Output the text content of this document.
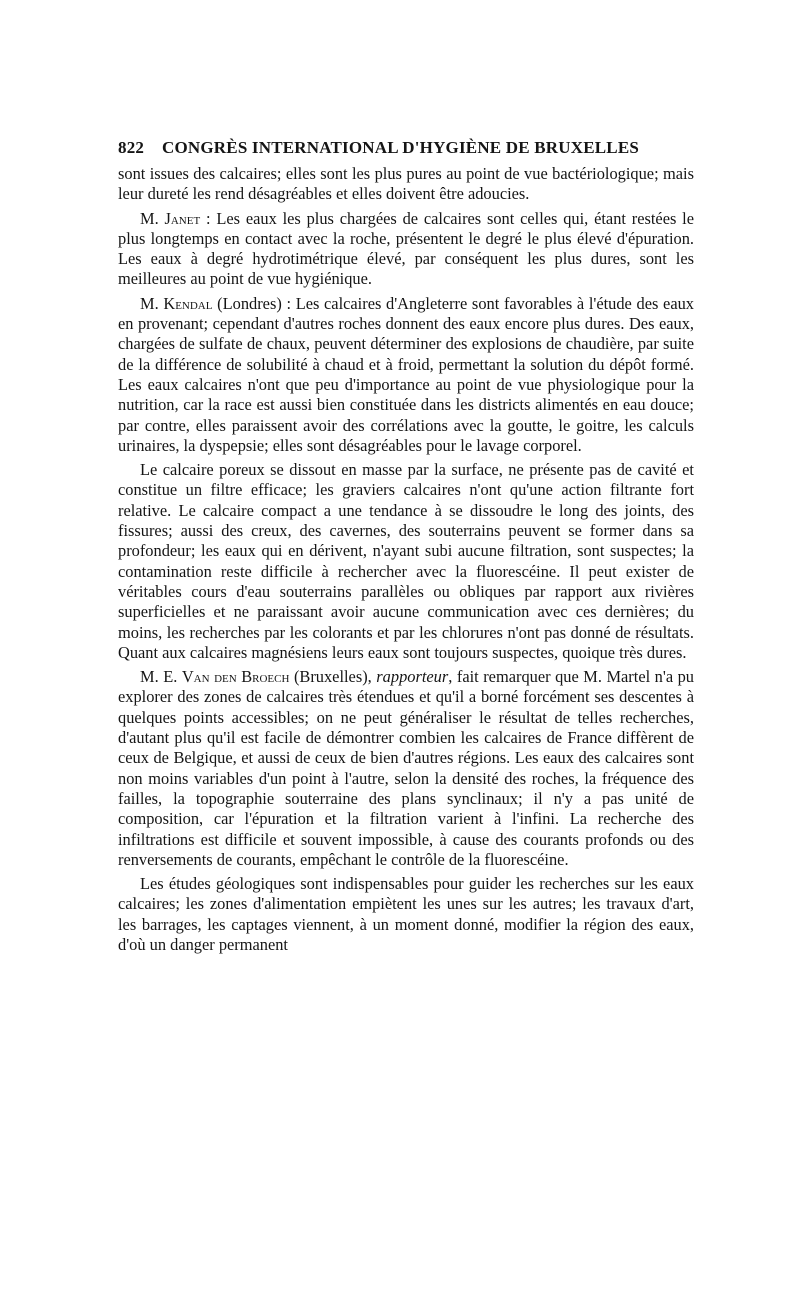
822	CONGRÈS INTERNATIONAL D'HYGIÈNE DE BRUXELLES

sont issues des calcaires; elles sont les plus pures au point de vue bactériologique; mais leur dureté les rend désagréables et elles doivent être adoucies.

M. Janet : Les eaux les plus chargées de calcaires sont celles qui, étant restées le plus longtemps en contact avec la roche, présentent le degré le plus élevé d'épuration. Les eaux à degré hydrotimétrique élevé, par conséquent les plus dures, sont les meilleures au point de vue hygiénique.

M. Kendal (Londres) : Les calcaires d'Angleterre sont favorables à l'étude des eaux en provenant; cependant d'autres roches donnent des eaux encore plus dures. Des eaux, chargées de sulfate de chaux, peuvent déterminer des explosions de chaudière, par suite de la différence de solubilité à chaud et à froid, permettant la solution du dépôt formé. Les eaux calcaires n'ont que peu d'importance au point de vue physiologique pour la nutrition, car la race est aussi bien constituée dans les districts alimentés en eau douce; par contre, elles paraissent avoir des corrélations avec la goutte, le goitre, les calculs urinaires, la dyspepsie; elles sont désagréables pour le lavage corporel.

Le calcaire poreux se dissout en masse par la surface, ne présente pas de cavité et constitue un filtre efficace; les graviers calcaires n'ont qu'une action filtrante fort relative. Le calcaire compact a une tendance à se dissoudre le long des joints, des fissures; aussi des creux, des cavernes, des souterrains peuvent se former dans sa profondeur; les eaux qui en dérivent, n'ayant subi aucune filtration, sont suspectes; la contamination reste difficile à rechercher avec la fluorescéine. Il peut exister de véritables cours d'eau souterrains parallèles ou obliques par rapport aux rivières superficielles et ne paraissant avoir aucune communication avec ces dernières; du moins, les recherches par les colorants et par les chlorures n'ont pas donné de résultats. Quant aux calcaires magnésiens leurs eaux sont toujours suspectes, quoique très dures.

M. E. Van den Broech (Bruxelles), rapporteur, fait remarquer que M. Martel n'a pu explorer des zones de calcaires très étendues et qu'il a borné forcément ses descentes à quelques points accessibles; on ne peut généraliser le résultat de telles recherches, d'autant plus qu'il est facile de démontrer combien les calcaires de France diffèrent de ceux de Belgique, et aussi de ceux de bien d'autres régions. Les eaux des calcaires sont non moins variables d'un point à l'autre, selon la densité des roches, la fréquence des failles, la topographie souterraine des plans synclinaux; il n'y a pas unité de composition, car l'épuration et la filtration varient à l'infini. La recherche des infiltrations est difficile et souvent impossible, à cause des courants profonds ou des renversements de courants, empêchant le contrôle de la fluorescéine.

Les études géologiques sont indispensables pour guider les recherches sur les eaux calcaires; les zones d'alimentation empiètent les unes sur les autres; les travaux d'art, les barrages, les captages viennent, à un moment donné, modifier la région des eaux, d'où un danger permanent
